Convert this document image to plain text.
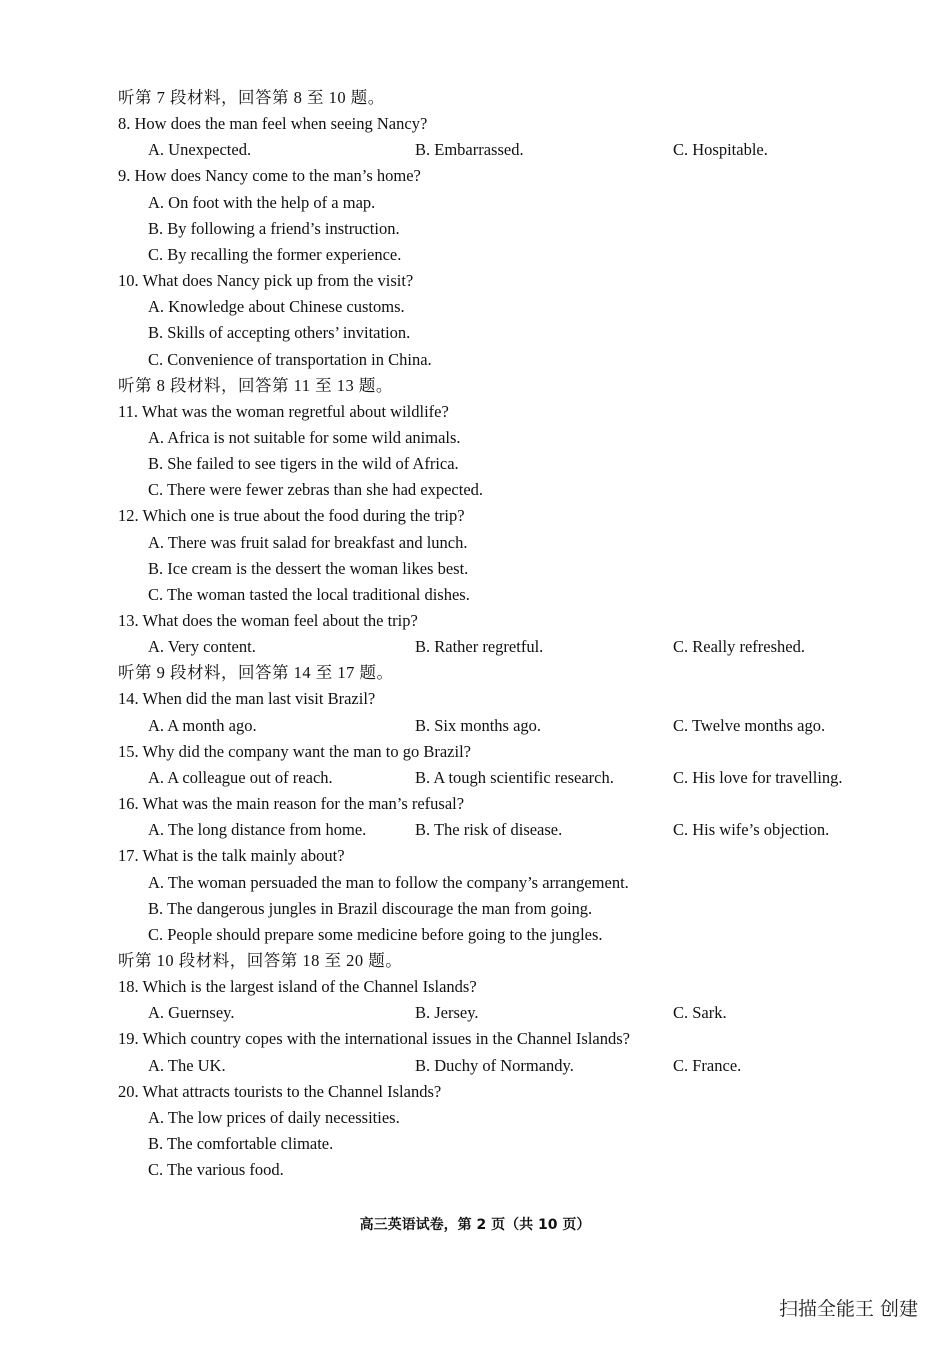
听第 7 段材料，回答第 8 至 10 题。
8. How does the man feel when seeing Nancy?
A. Unexpected.	B. Embarrassed.	C. Hospitable.
9. How does Nancy come to the man’s home?
A. On foot with the help of a map.
B. By following a friend’s instruction.
C. By recalling the former experience.
10. What does Nancy pick up from the visit?
A. Knowledge about Chinese customs.
B. Skills of accepting others’ invitation.
C. Convenience of transportation in China.
听第 8 段材料，回答第 11 至 13 题。
11. What was the woman regretful about wildlife?
A. Africa is not suitable for some wild animals.
B. She failed to see tigers in the wild of Africa.
C. There were fewer zebras than she had expected.
12. Which one is true about the food during the trip?
A. There was fruit salad for breakfast and lunch.
B. Ice cream is the dessert the woman likes best.
C. The woman tasted the local traditional dishes.
13. What does the woman feel about the trip?
A. Very content.	B. Rather regretful.	C. Really refreshed.
听第 9 段材料，回答第 14 至 17 题。
14. When did the man last visit Brazil?
A. A month ago.	B. Six months ago.	C. Twelve months ago.
15. Why did the company want the man to go Brazil?
A. A colleague out of reach.	B. A tough scientific research.	C. His love for travelling.
16. What was the main reason for the man’s refusal?
A. The long distance from home.	B. The risk of disease.	C. His wife’s objection.
17. What is the talk mainly about?
A. The woman persuaded the man to follow the company’s arrangement.
B. The dangerous jungles in Brazil discourage the man from going.
C. People should prepare some medicine before going to the jungles.
听第 10 段材料，回答第 18 至 20 题。
18. Which is the largest island of the Channel Islands?
A. Guernsey.	B. Jersey.	C. Sark.
19. Which country copes with the international issues in the Channel Islands?
A. The UK.	B. Duchy of Normandy.	C. France.
20. What attracts tourists to the Channel Islands?
A. The low prices of daily necessities.
B. The comfortable climate.
C. The various food.
高三英语试卷，第 2 页（共 10 页）
扫描全能王 创建
